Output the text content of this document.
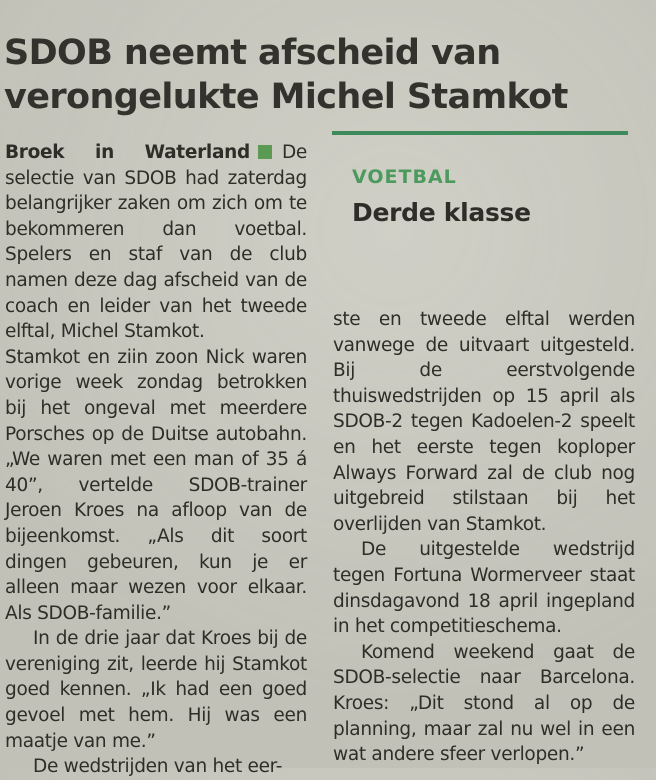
SDOB neemt afscheid van verongelukte Michel Stamkot

Broek in Waterland De selectie van SDOB had zaterdag belangrijker zaken om zich om te bekommeren dan voetbal. Spelers en staf van de club namen deze dag afscheid van de coach en leider van het tweede elftal, Michel Stamkot.

Stamkot en ziin zoon Nick waren vorige week zondag betrokken bij het ongeval met meerdere Porsches op de Duitse autobahn. „We waren met een man of 35 á 40”, vertelde SDOB-trainer Jeroen Kroes na afloop van de bijeenkomst. „Als dit soort dingen gebeuren, kun je er alleen maar wezen voor elkaar. Als SDOB-familie.”

In de drie jaar dat Kroes bij de vereniging zit, leerde hij Stamkot goed kennen. „Ik had een goed gevoel met hem. Hij was een maatje van me.”

De wedstrijden van het eer-

VOETBAL
Derde klasse

ste en tweede elftal werden vanwege de uitvaart uitgesteld. Bij de eerstvolgende thuiswedstrijden op 15 april als SDOB-2 tegen Kadoelen-2 speelt en het eerste tegen koploper Always Forward zal de club nog uitgebreid stilstaan bij het overlijden van Stamkot.

De uitgestelde wedstrijd tegen Fortuna Wormerveer staat dinsdagavond 18 april ingepland in het competitieschema.

Komend weekend gaat de SDOB-selectie naar Barcelona. Kroes: „Dit stond al op de planning, maar zal nu wel in een wat andere sfeer verlopen.”
